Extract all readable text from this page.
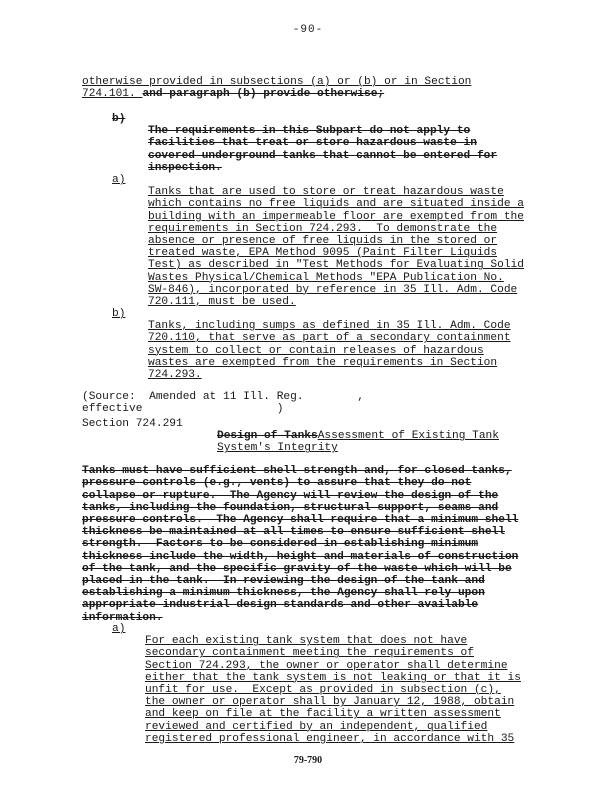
-90-
otherwise provided in subsections (a) or (b) or in Section
724.101. and paragraph (b) provide otherwise;
b)

The requirements in this Subpart do not apply to
facilities that treat or store hazardous waste in
covered underground tanks that cannot be entered for
inspection.
a)

Tanks that are used to store or treat hazardous waste
which contains no free liquids and are situated inside a
building with an impermeable floor are exempted from the
requirements in Section 724.293.  To demonstrate the
absence or presence of free liquids in the stored or
treated waste, EPA Method 9095 (Paint Filter Liquids
Test) as described in "Test Methods for Evaluating Solid
Wastes Physical/Chemical Methods "EPA Publication No.
SW-846), incorporated by reference in 35 Ill. Adm. Code
720.111, must be used.
b)

Tanks, including sumps as defined in 35 Ill. Adm. Code
720.110, that serve as part of a secondary containment
system to collect or contain releases of hazardous
wastes are exempted from the requirements in Section
724.293.

(Source:  Amended at 11 Ill. Reg.        ,
effective                    )
Section 724.291

Design of TanksAssessment of Existing Tank
System's Integrity

Tanks must have sufficient shell strength and, for closed tanks,
pressure controls (e.g., vents) to assure that they do not
collapse or rupture.  The Agency will review the design of the
tanks, including the foundation, structural support, seams and
pressure controls.  The Agency shall require that a minimum shell
thickness be maintained at all times to ensure sufficient shell
strength.  Factors to be considered in establishing minimum
thickness include the width, height and materials of construction
of the tank, and the specific gravity of the waste which will be
placed in the tank.  In reviewing the design of the tank and
establishing a minimum thickness, the Agency shall rely upon
appropriate industrial design standards and other available
information.
a)

For each existing tank system that does not have
secondary containment meeting the requirements of
Section 724.293, the owner or operator shall determine
either that the tank system is not leaking or that it is
unfit for use.  Except as provided in subsection (c),
the owner or operator shall by January 12, 1988, obtain
and keep on file at the facility a written assessment
reviewed and certified by an independent, qualified
registered professional engineer, in accordance with 35
79-790
